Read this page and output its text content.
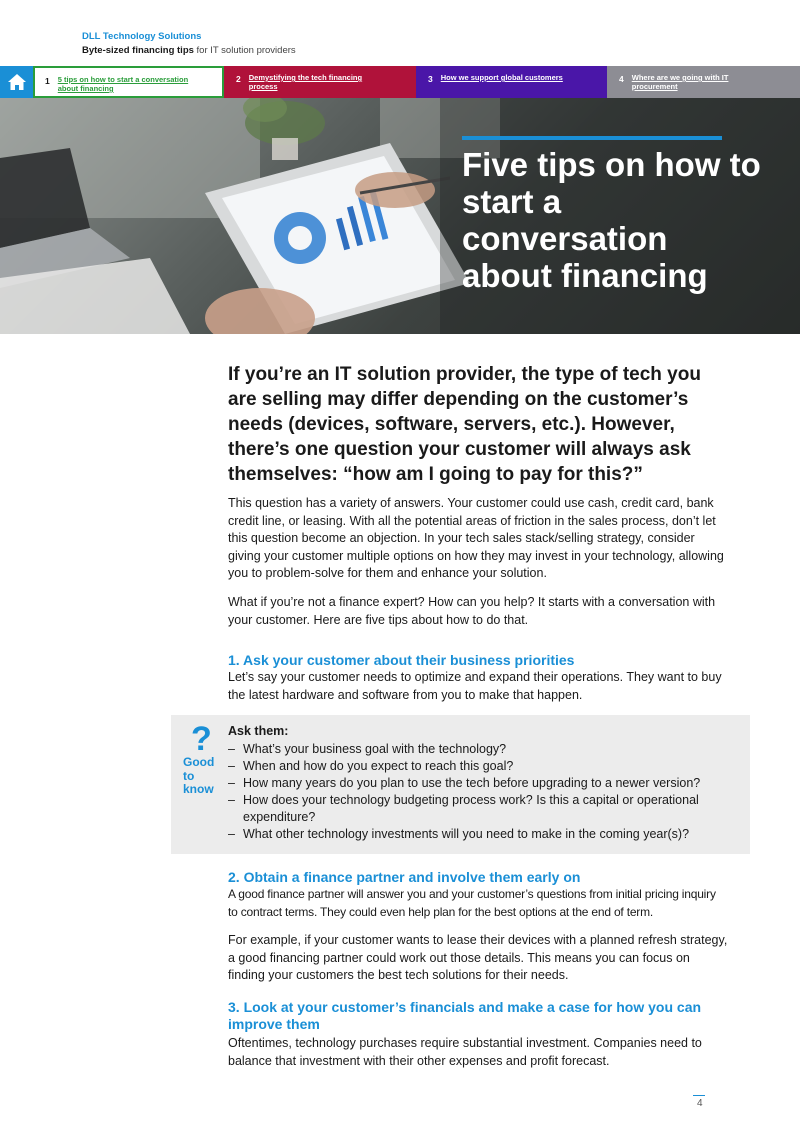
DLL Technology Solutions
Byte-sized financing tips for IT solution providers
1 5 tips on how to start a conversation about financing
2 Demystifying the tech financing process
3 How we support global customers	4 Where are we going with IT procurement
Five tips on how to start a conversation about financing
If you’re an IT solution provider, the type of tech you are selling may differ depending on the customer’s needs (devices, software, servers, etc.). However, there’s one question your customer will always ask themselves: “how am I going to pay for this?”
This question has a variety of answers. Your customer could use cash, credit card, bank credit line, or leasing. With all the potential areas of friction in the sales process, don’t let this question become an objection. In your tech sales stack/selling strategy, consider giving your customer multiple options on how they may invest in your technology, allowing you to problem-solve for them and enhance your solution.
What if you’re not a finance expert? How can you help? It starts with a conversation with your customer. Here are five tips about how to do that.
1. Ask your customer about their business priorities
Let’s say your customer needs to optimize and expand their operations. They want to buy the latest hardware and software from you to make that happen.
?
Good to know
Ask them:
– What’s your business goal with the technology?
– When and how do you expect to reach this goal?
– How many years do you plan to use the tech before upgrading to a newer version?
– How does your technology budgeting process work? Is this a capital or operational expenditure?
– What other technology investments will you need to make in the coming year(s)?
2. Obtain a finance partner and involve them early on
A good finance partner will answer you and your customer’s questions from initial pricing inquiry to contract terms. They could even help plan for the best options at the end of term.
For example, if your customer wants to lease their devices with a planned refresh strategy, a good financing partner could work out those details. This means you can focus on finding your customers the best tech solutions for their needs.
3. Look at your customer’s financials and make a case for how you can improve them
Oftentimes, technology purchases require substantial investment. Companies need to balance that investment with their other expenses and profit forecast.
4
